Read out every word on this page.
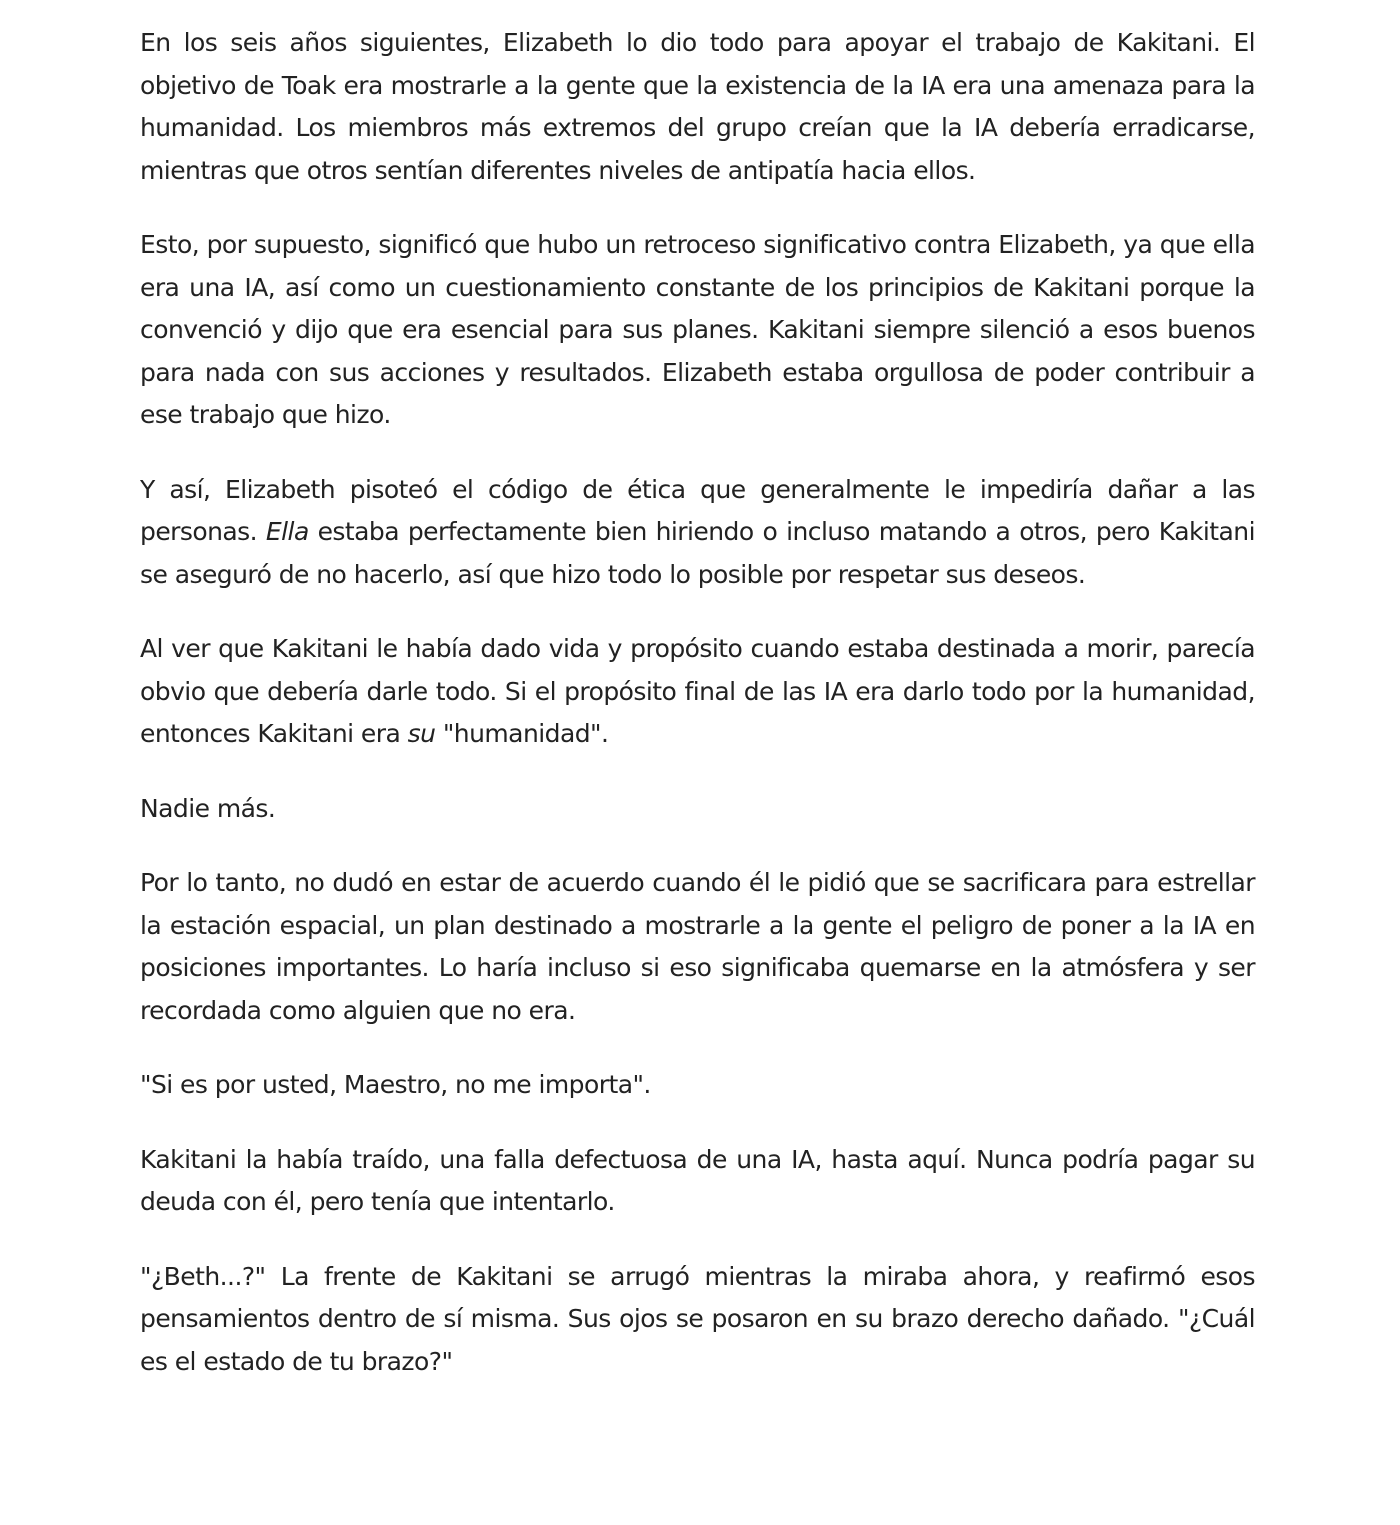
En los seis años siguientes, Elizabeth lo dio todo para apoyar el trabajo de Kakitani. El objetivo de Toak era mostrarle a la gente que la existencia de la IA era una amenaza para la humanidad. Los miembros más extremos del grupo creían que la IA debería erradicarse, mientras que otros sentían diferentes niveles de antipatía hacia ellos.

Esto, por supuesto, significó que hubo un retroceso significativo contra Elizabeth, ya que ella era una IA, así como un cuestionamiento constante de los principios de Kakitani porque la convenció y dijo que era esencial para sus planes. Kakitani siempre silenció a esos buenos para nada con sus acciones y resultados. Elizabeth estaba orgullosa de poder contribuir a ese trabajo que hizo.

Y así, Elizabeth pisoteó el código de ética que generalmente le impediría dañar a las personas. Ella estaba perfectamente bien hiriendo o incluso matando a otros, pero Kakitani se aseguró de no hacerlo, así que hizo todo lo posible por respetar sus deseos.

Al ver que Kakitani le había dado vida y propósito cuando estaba destinada a morir, parecía obvio que debería darle todo. Si el propósito final de las IA era darlo todo por la humanidad, entonces Kakitani era su "humanidad".

Nadie más.

Por lo tanto, no dudó en estar de acuerdo cuando él le pidió que se sacrificara para estrellar la estación espacial, un plan destinado a mostrarle a la gente el peligro de poner a la IA en posiciones importantes. Lo haría incluso si eso significaba quemarse en la atmósfera y ser recordada como alguien que no era.

"Si es por usted, Maestro, no me importa".

Kakitani la había traído, una falla defectuosa de una IA, hasta aquí. Nunca podría pagar su deuda con él, pero tenía que intentarlo.

"¿Beth...?" La frente de Kakitani se arrugó mientras la miraba ahora, y reafirmó esos pensamientos dentro de sí misma. Sus ojos se posaron en su brazo derecho dañado. "¿Cuál es el estado de tu brazo?"
